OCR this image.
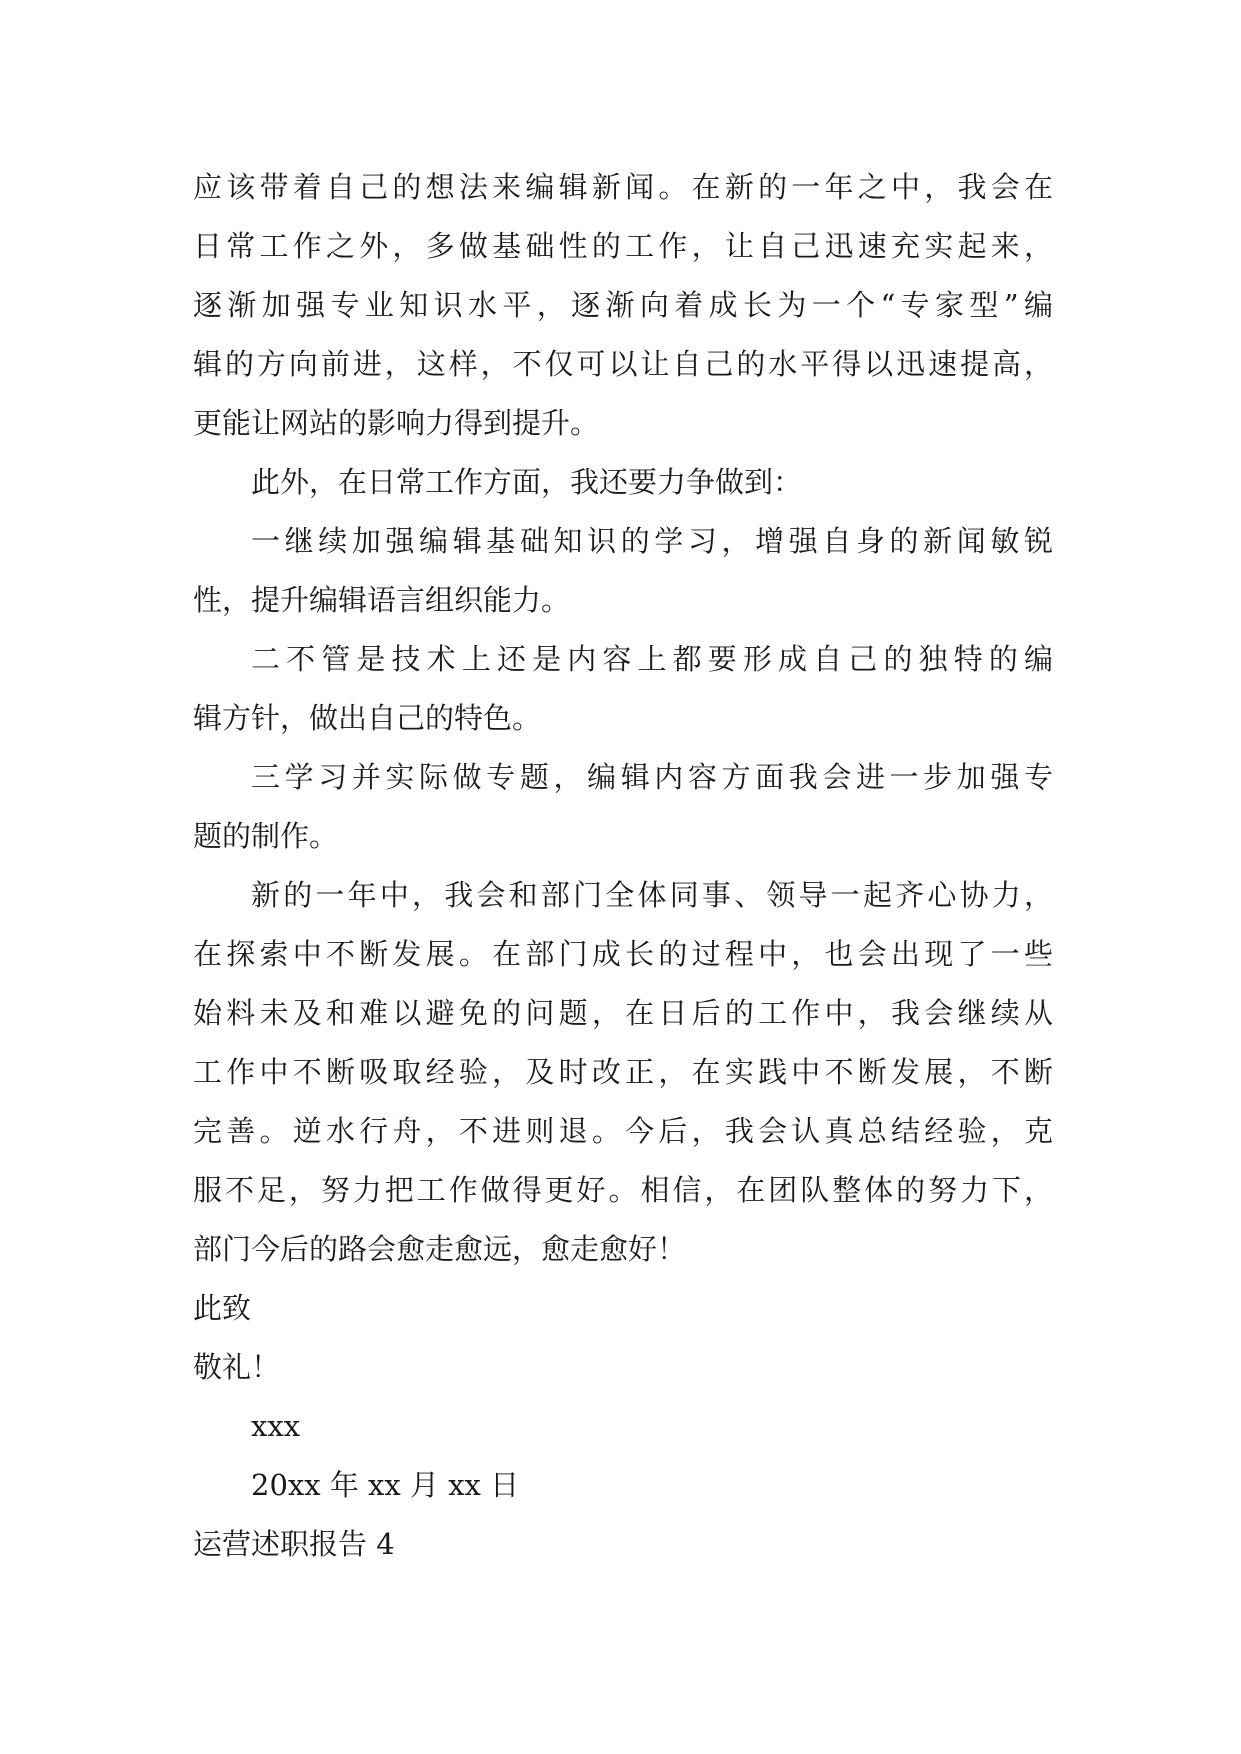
应该带着自己的想法来编辑新闻。在新的一年之中，我会在
日常工作之外，多做基础性的工作，让自己迅速充实起来，
逐渐加强专业知识水平，逐渐向着成长为一个“专家型”编
辑的方向前进，这样，不仅可以让自己的水平得以迅速提高，
更能让网站的影响力得到提升。
此外，在日常工作方面，我还要力争做到：
一继续加强编辑基础知识的学习，增强自身的新闻敏锐
性，提升编辑语言组织能力。
二不管是技术上还是内容上都要形成自己的独特的编
辑方针，做出自己的特色。
三学习并实际做专题，编辑内容方面我会进一步加强专
题的制作。
新的一年中，我会和部门全体同事、领导一起齐心协力，
在探索中不断发展。在部门成长的过程中，也会出现了一些
始料未及和难以避免的问题，在日后的工作中，我会继续从
工作中不断吸取经验，及时改正，在实践中不断发展，不断
完善。逆水行舟，不进则退。今后，我会认真总结经验，克
服不足，努力把工作做得更好。相信，在团队整体的努力下，
部门今后的路会愈走愈远，愈走愈好！
此致
敬礼！
xxx
20xx 年 xx 月 xx 日
运营述职报告 4
